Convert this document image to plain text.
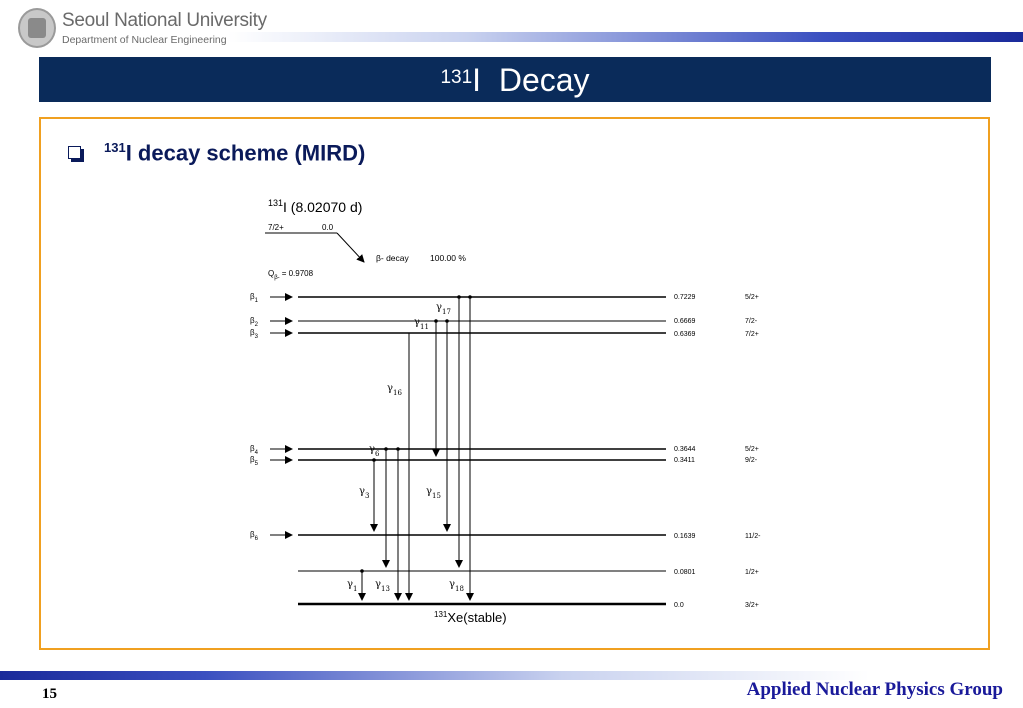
Seoul National University
Department of Nuclear Engineering
$^{131}$I  Decay
$^{131}$I decay scheme (MIRD)
$^{131}$I (8.02070 d)
7/2+	0.0
β- decay 100.00 %
$Q_{\beta-} = 0.9708$
$\beta_1$
$\beta_2$
$\beta_3$
$\beta_4$
$\beta_5$
$\beta_6$
0.7229	5/2+
0.6669	7/2-
0.6369	7/2+
0.3644	5/2+
0.3411	9/2-
0.1639	11/2-
0.0801	1/2+
0.0	3/2+
$\gamma_{17}$
$\gamma_{11}$
$\gamma_{16}$
$\gamma_6$
$\gamma_3$	$\gamma_{15}$
$\gamma_1$ $\gamma_{13}$	$\gamma_{18}$
$^{131}$Xe(stable)
15	Applied Nuclear Physics Group
